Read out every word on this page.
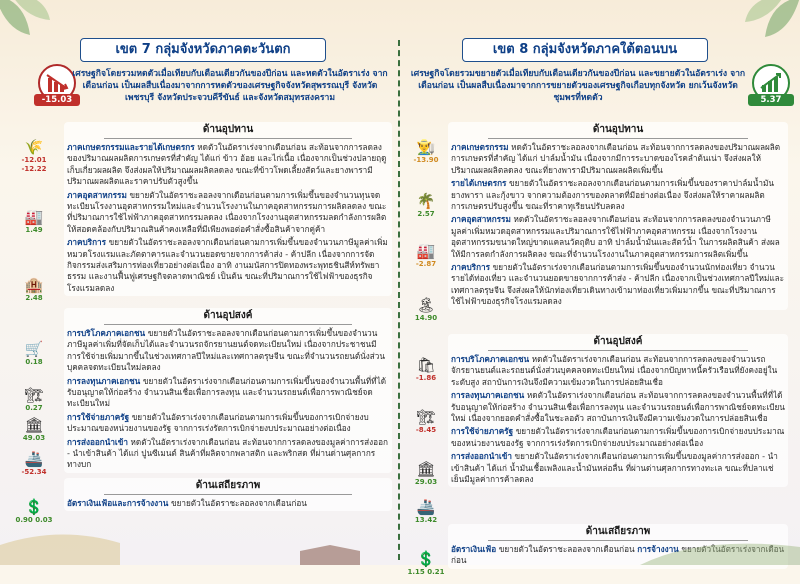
เขต 7 กลุ่มจังหวัดภาคตะวันตก
-15.03
เศรษฐกิจโดยรวมหดตัวเมื่อเทียบกับเดือนเดียวกันของปีก่อน และหดตัวในอัตราเร่ง จากเดือนก่อน เป็นผลสืบเนื่องมาจากการหดตัวของเศรษฐกิจจังหวัดสุพรรณบุรี จังหวัดเพชรบุรี จังหวัดประจวบคีรีขันธ์ และจังหวัดสมุทรสงคราม
ด้านอุปทาน
ภาคเกษตรกรรมและรายได้เกษตรกร หดตัวในอัตราเร่งจากเดือนก่อน สะท้อนจากการลดลงของปริมาณผลผลิตการเกษตรที่สำคัญ ได้แก่ ข้าว อ้อย และไก่เนื้อ เนื่องจากเป็นช่วงปลายฤดูเก็บเกี่ยวผลผลิต จึงส่งผลให้ปริมาณผลผลิตลดลง ขณะที่ข้าวโพดเลี้ยงสัตว์และยางพารามีปริมาณผลผลิตและราคาปรับตัวสูงขึ้น
ภาคอุตสาหกรรม ขยายตัวในอัตราชะลอลงจากเดือนก่อนตามการเพิ่มขึ้นของจำนวนทุนจดทะเบียนโรงงานอุตสาหกรรมใหม่และจำนวนโรงงานในภาคอุตสาหกรรมการผลิตลดลง ขณะที่ปริมาณการใช้ไฟฟ้าภาคอุตสาหกรรมลดลง เนื่องจากโรงงานอุตสาหกรรมลดกำลังการผลิตให้สอดคล้องกับปริมาณสินค้าคงเหลือที่มีเพียงพอต่อคำสั่งซื้อสินค้าจากคู่ค้า
ภาคบริการ ขยายตัวในอัตราชะลอลงจากเดือนก่อนตามการเพิ่มขึ้นของจำนวนภาษีมูลค่าเพิ่มหมวดโรงแรมและภัตตาคารและจำนวนยอดขายจากการค้าส่ง - ค้าปลีก เนื่องจากการจัดกิจกรรมส่งเสริมการท่องเที่ยวอย่างต่อเนื่อง อาทิ งานมนัสการปิดทองพระพุทธชินสีห์ทรัพยาธรรม และงานฟื้นฟูเศรษฐกิจตลาดพาณิชย์ เป็นต้น ขณะที่ปริมาณการใช้ไฟฟ้าของธุรกิจโรงแรมลดลง
ด้านอุปสงค์
การบริโภคภาคเอกชน ขยายตัวในอัตราชะลอลงจากเดือนก่อนตามการเพิ่มขึ้นของจำนวนภาษีมูลค่าเพิ่มที่จัดเก็บได้และจำนวนรถจักรยานยนต์จดทะเบียนใหม่ เนื่องจากประชาชนมีการใช้จ่ายเพิ่มมากขึ้นในช่วงเทศกาลปีใหม่และเทศกาลตรุษจีน ขณะที่จำนวนรถยนต์นั่งส่วนบุคคลจดทะเบียนใหม่ลดลง
การลงทุนภาคเอกชน ขยายตัวในอัตราเร่งจากเดือนก่อนตามการเพิ่มขึ้นของจำนวนพื้นที่ที่ได้รับอนุญาตให้ก่อสร้าง จำนวนสินเชื่อเพื่อการลงทุน และจำนวนรถยนต์เพื่อการพาณิชย์จดทะเบียนใหม่
การใช้จ่ายภาครัฐ ขยายตัวในอัตราเร่งจากเดือนก่อนตามการเพิ่มขึ้นของการเบิกจ่ายงบประมาณของหน่วยงานของรัฐ จากการเร่งรัดการเบิกจ่ายงบประมาณอย่างต่อเนื่อง
การส่งออกนำเข้า หดตัวในอัตราเร่งจากเดือนก่อน สะท้อนจากการลดลงของมูลค่าการส่งออก - นำเข้าสินค้า ได้แก่ ปูนซีเมนต์ สินค้าที่ผลิตจากพลาสติก และพริกสด ที่ผ่านด่านศุลกากรทางบก
ด้านเสถียรภาพ
อัตราเงินเฟ้อและการจ้างงาน ขยายตัวในอัตราชะลอลงจากเดือนก่อน
🌾
-12.01 -12.22
🏭
1.49
🏨
2.48
🛒
0.18
🏗
0.27
🏛
49.03
🚢
-52.34
💲
0.90 0.03
เขต 8 กลุ่มจังหวัดภาคใต้ตอนบน
5.37
เศรษฐกิจโดยรวมขยายตัวเมื่อเทียบกับเดือนเดียวกันของปีก่อน และขยายตัวในอัตราเร่ง จากเดือนก่อน เป็นผลสืบเนื่องมาจากการขยายตัวของเศรษฐกิจเกือบทุกจังหวัด ยกเว้นจังหวัดชุมพรที่หดตัว
ด้านอุปทาน
ภาคเกษตรกรรม หดตัวในอัตราชะลอลงจากเดือนก่อน สะท้อนจากการลดลงของปริมาณผลผลิตการเกษตรที่สำคัญ ได้แก่ ปาล์มน้ำมัน เนื่องจากมีการระบาดของโรคลำต้นเน่า จึงส่งผลให้ปริมาณผลผลิตลดลง ขณะที่ยางพารามีปริมาณผลผลิตเพิ่มขึ้น
รายได้เกษตรกร ขยายตัวในอัตราชะลอลงจากเดือนก่อนตามการเพิ่มขึ้นของราคาปาล์มน้ำมัน ยางพารา และกุ้งขาว จากความต้องการของตลาดที่มีอย่างต่อเนื่อง จึงส่งผลให้ราคาผลผลิตการเกษตรปรับสูงขึ้น ขณะที่ราคาทุเรียนปรับลดลง
ภาคอุตสาหกรรม หดตัวในอัตราชะลอลงจากเดือนก่อน สะท้อนจากการลดลงของจำนวนภาษีมูลค่าเพิ่มหมวดอุตสาหกรรมและปริมาณการใช้ไฟฟ้าภาคอุตสาหกรรม เนื่องจากโรงงานอุตสาหกรรมขนาดใหญ่ขาดแคลนวัตถุดิบ อาทิ ปาล์มน้ำมันและสัตว์น้ำ ในการผลิตสินค้า ส่งผลให้มีการลดกำลังการผลิตลง ขณะที่จำนวนโรงงานในภาคอุตสาหกรรมการผลิตเพิ่มขึ้น
ภาคบริการ ขยายตัวในอัตราเร่งจากเดือนก่อนตามการเพิ่มขึ้นของจำนวนนักท่องเที่ยว จำนวนรายได้ท่องเที่ยว และจำนวนยอดขายจากการค้าส่ง - ค้าปลีก เนื่องจากเป็นช่วงเทศกาลปีใหม่และเทศกาลตรุษจีน จึงส่งผลให้นักท่องเที่ยวเดินทางเข้ามาท่องเที่ยวเพิ่มมากขึ้น ขณะที่ปริมาณการใช้ไฟฟ้าของธุรกิจโรงแรมลดลง
ด้านอุปสงค์
การบริโภคภาคเอกชน หดตัวในอัตราเร่งจากเดือนก่อน สะท้อนจากการลดลงของจำนวนรถจักรยานยนต์และรถยนต์นั่งส่วนบุคคลจดทะเบียนใหม่ เนื่องจากปัญหาหนี้ครัวเรือนที่ยังคงอยู่ในระดับสูง สถาบันการเงินจึงมีความเข้มงวดในการปล่อยสินเชื่อ
การลงทุนภาคเอกชน หดตัวในอัตราเร่งจากเดือนก่อน สะท้อนจากการลดลงของจำนวนพื้นที่ที่ได้รับอนุญาตให้ก่อสร้าง จำนวนสินเชื่อเพื่อการลงทุน และจำนวนรถยนต์เพื่อการพาณิชย์จดทะเบียนใหม่ เนื่องจากยอดคำสั่งซื้อในชะลอตัว สถาบันการเงินจึงมีความเข้มงวดในการปล่อยสินเชื่อ
การใช้จ่ายภาครัฐ ขยายตัวในอัตราเร่งจากเดือนก่อนตามการเพิ่มขึ้นของการเบิกจ่ายงบประมาณของหน่วยงานของรัฐ จากการเร่งรัดการเบิกจ่ายงบประมาณอย่างต่อเนื่อง
การส่งออกนำเข้า ขยายตัวในอัตราเร่งจากเดือนก่อนตามการเพิ่มขึ้นของมูลค่าการส่งออก - นำเข้าสินค้า ได้แก่ น้ำมันเชื้อเพลิงและน้ำมันหล่อลื่น ที่ผ่านด่านศุลกากรทางทะเล ขณะที่ปลาแช่เย็นมีมูลค่าการค้าลดลง
ด้านเสถียรภาพ
อัตราเงินเฟ้อ ขยายตัวในอัตราชะลอลงจากเดือนก่อน การจ้างงาน ขยายตัวในอัตราเร่งจากเดือนก่อน
👨‍🌾
-13.90
🌴
2.57
🏭
-2.87
🏝
14.90
🛍
-1.86
🏗
-8.45
🏛
29.03
🚢
13.42
💲
1.15 0.21
